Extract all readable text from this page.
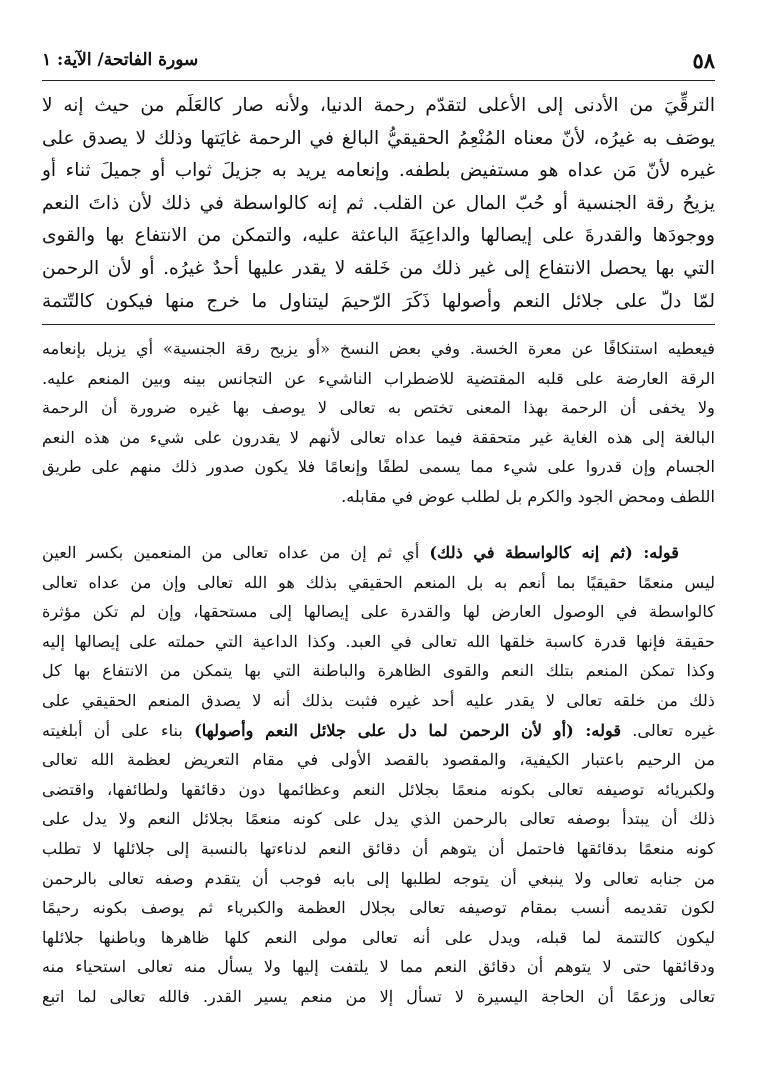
٥٨
سورة الفاتحة/ الآية: ١

الترقِّيَ من الأدنى إلى الأعلى لتقدّم رحمة الدنيا، ولأنه صار كالعَلَم من حيث إنه لا

يوصَف به غيرُه، لأنّ معناه المُنْعِمُ الحقيقيُّ البالغ في الرحمة غايَتها وذلك لا يصدق على

غيره لأنّ مَن عداه هو مستفيض بلطفه. وإنعامه يريد به جزيلَ ثواب أو جميلَ ثناء أو

يزيحُ رقة الجنسية أو حُبّ المال عن القلب. ثم إنه كالواسطة في ذلك لأن ذاتَ النعم

ووجودَها والقدرةَ على إيصالها والداعِيَةَ الباعثة عليه، والتمكن من الانتفاع بها والقوى

التي بها يحصل الانتفاع إلى غير ذلك من خَلقه لا يقدر عليها أحدٌ غيرُه. أو لأن الرحمن

لمّا دلّ على جلائل النعم وأصولها ذَكَرَ الرّحيمَ ليتناول ما خرج منها فيكون كالتّتمة

فيعطيه استنكافًا عن معرة الخسة. وفي بعض النسخ «أو يزيح رقة الجنسية» أي يزيل بإنعامه
الرقة العارضة على قلبه المقتضية للاضطراب الناشيء عن التجانس بينه وبين المنعم عليه.
ولا يخفى أن الرحمة بهذا المعنى تختص به تعالى لا يوصف بها غيره ضرورة أن الرحمة
البالغة إلى هذه الغاية غير متحققة فيما عداه تعالى لأنهم لا يقدرون على شيء من هذه النعم
الجسام وإن قدروا على شيء مما يسمى لطفًا وإنعامًا فلا يكون صدور ذلك منهم على طريق
اللطف ومحض الجود والكرم بل لطلب عوض في مقابله.
قوله: (ثم إنه كالواسطة في ذلك) أي ثم إن من عداه تعالى من المنعمين بكسر العين
ليس منعمًا حقيقيًا بما أنعم به بل المنعم الحقيقي بذلك هو الله تعالى وإن من عداه تعالى
كالواسطة في الوصول العارض لها والقدرة على إيصالها إلى مستحقها، وإن لم تكن مؤثرة
حقيقة فإنها قدرة كاسبة خلقها الله تعالى في العبد. وكذا الداعية التي حملته على إيصالها إليه
وكذا تمكن المنعم بتلك النعم والقوى الظاهرة والباطنة التي بها يتمكن من الانتفاع بها كل
ذلك من خلقه تعالى لا يقدر عليه أحد غيره فثبت بذلك أنه لا يصدق المنعم الحقيقي على
غيره تعالى. قوله: (أو لأن الرحمن لما دل على جلائل النعم وأصولها) بناء على أن أبلغيته
من الرحيم باعتبار الكيفية، والمقصود بالقصد الأولى في مقام التعريض لعظمة الله تعالى
ولكبريائه توصيفه تعالى بكونه منعمًا بجلائل النعم وعظائمها دون دقائقها ولطائفها، واقتضى
ذلك أن يبتدأ بوصفه تعالى بالرحمن الذي يدل على كونه منعمًا بجلائل النعم ولا يدل على
كونه منعمًا بدقائقها فاحتمل أن يتوهم أن دقائق النعم لدناءتها بالنسبة إلى جلائلها لا تطلب
من جنابه تعالى ولا ينبغي أن يتوجه لطلبها إلى بابه فوجب أن يتقدم وصفه تعالى بالرحمن
لكون تقديمه أنسب بمقام توصيفه تعالى بجلال العظمة والكبرياء ثم يوصف بكونه رحيمًا
ليكون كالتتمة لما قبله، ويدل على أنه تعالى مولى النعم كلها ظاهرها وباطنها جلائلها
ودقائقها حتى لا يتوهم أن دقائق النعم مما لا يلتفت إليها ولا يسأل منه تعالى استحياء منه
تعالى وزعمًا أن الحاجة اليسيرة لا تسأل إلا من منعم يسير القدر. فالله تعالى لما اتبع
